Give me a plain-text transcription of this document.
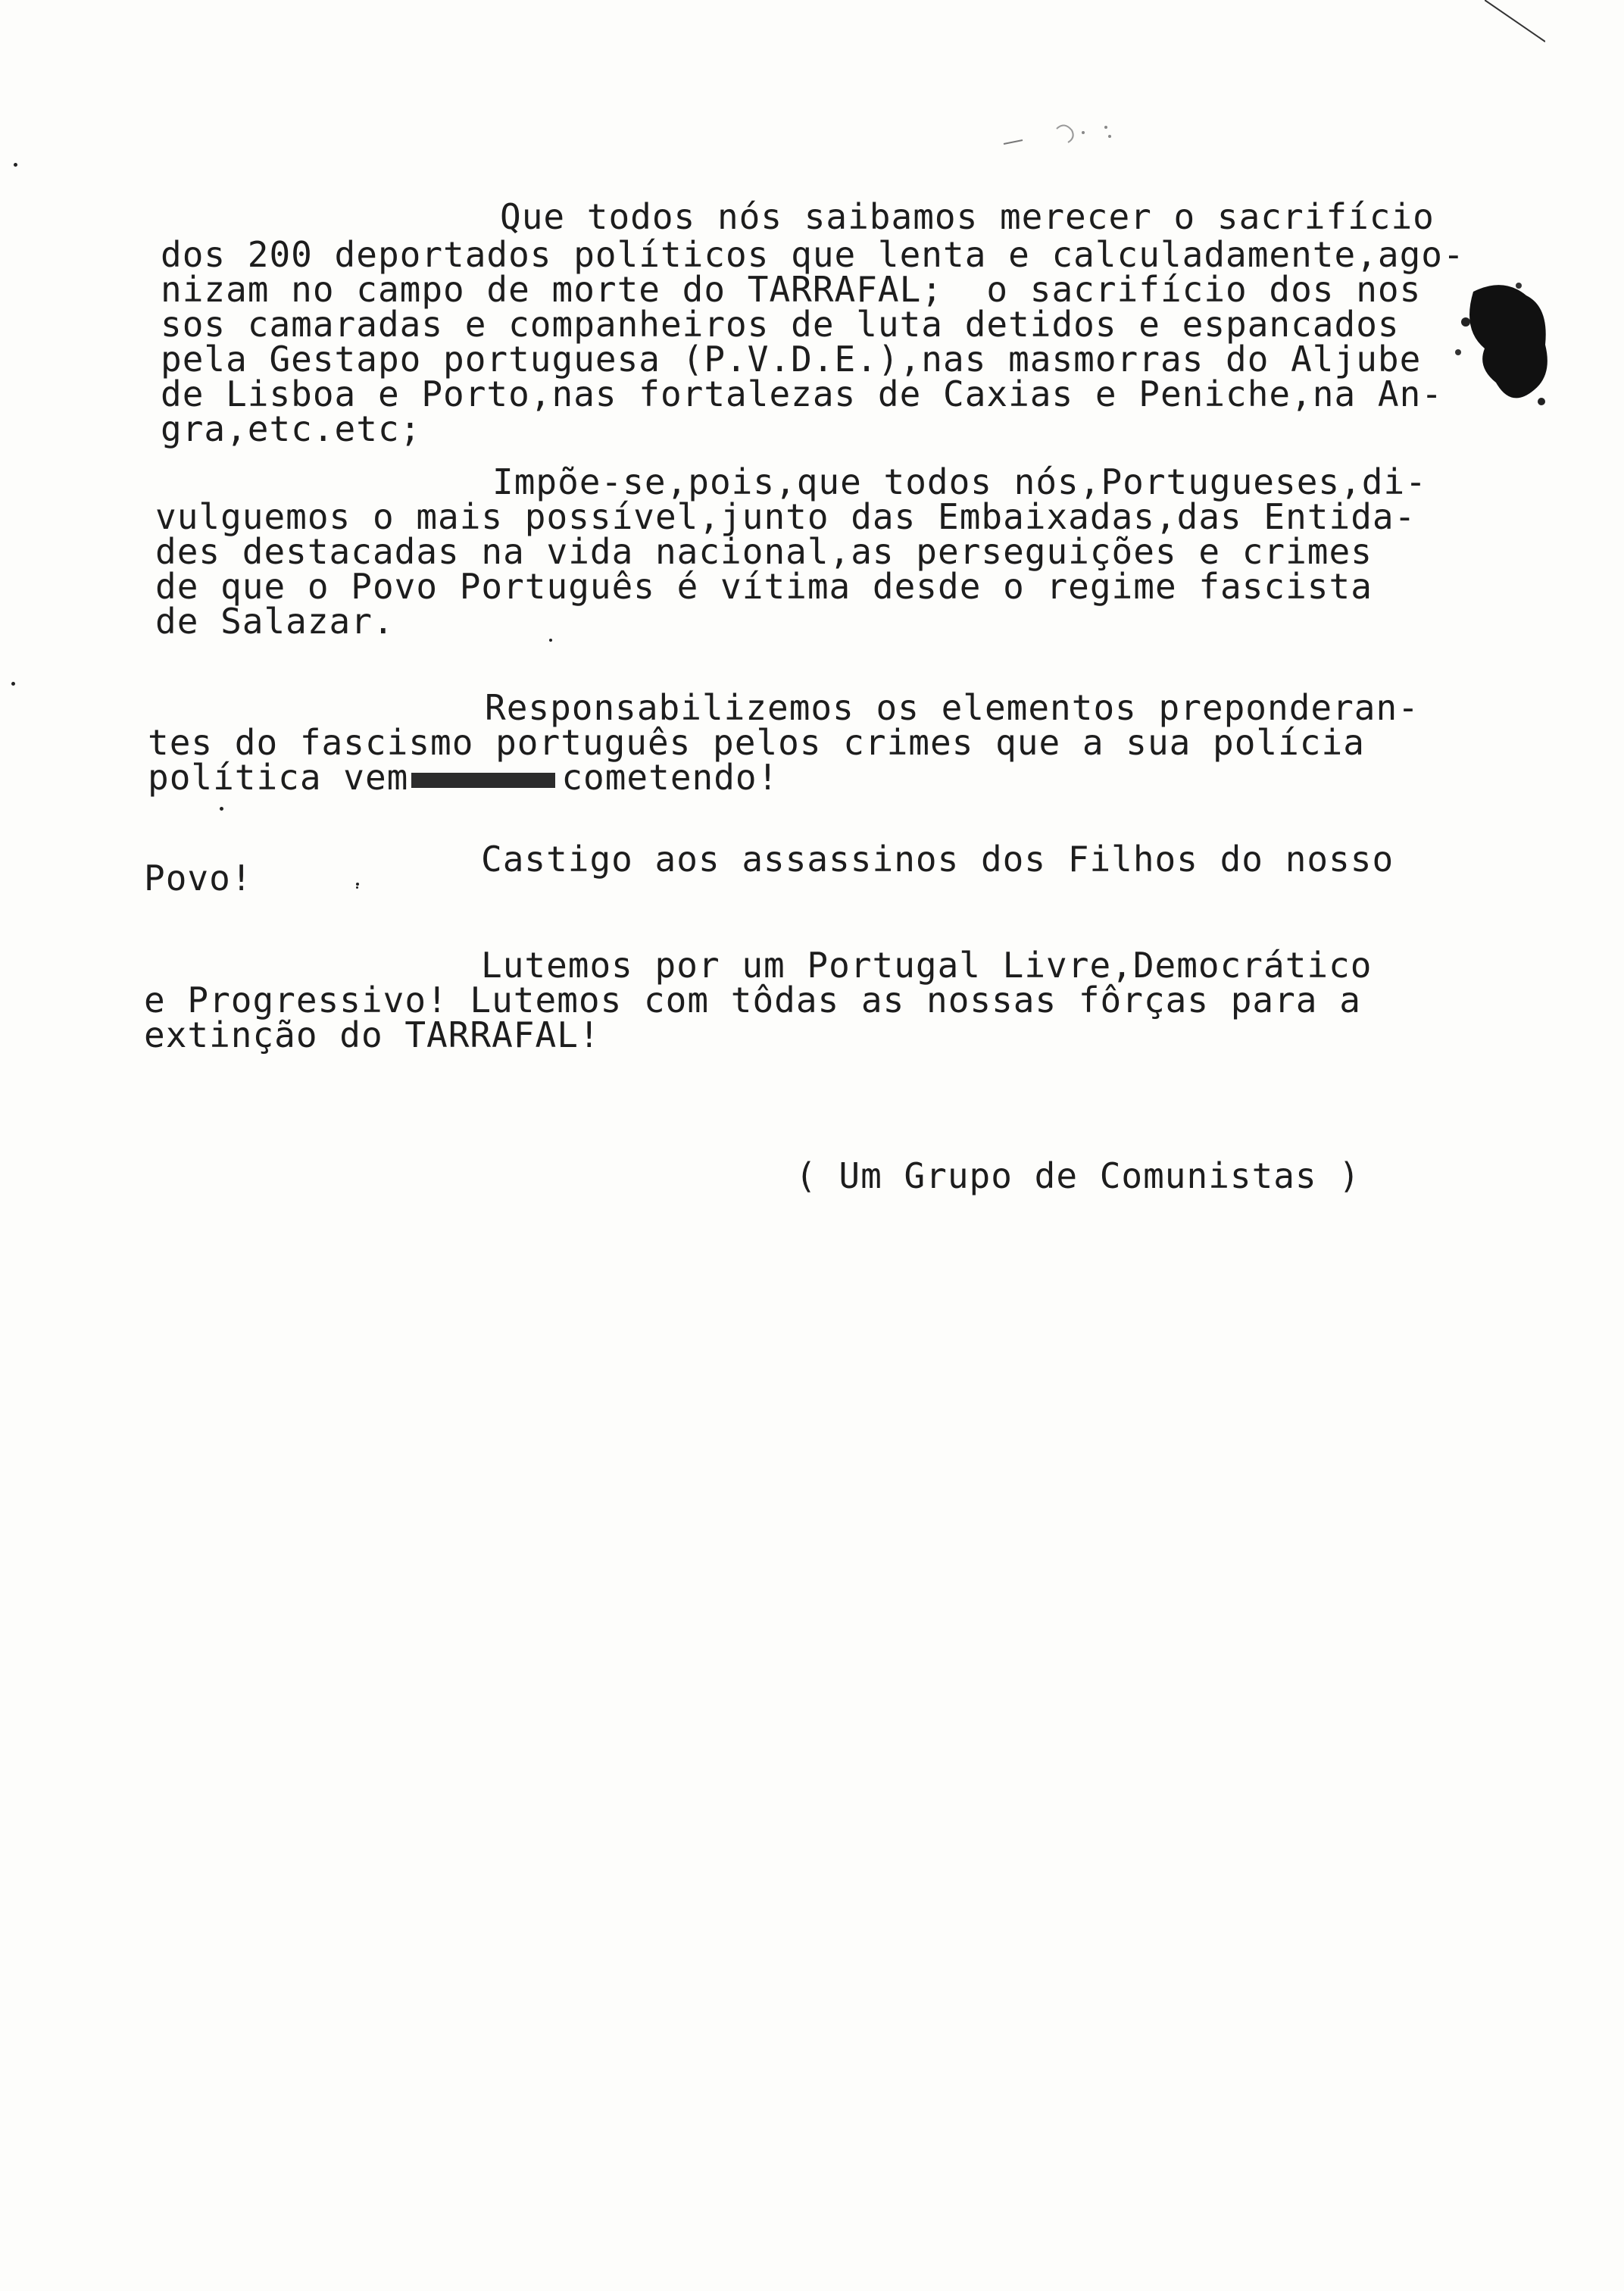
Que todos nós saibamos merecer o sacrifício
dos 200 deportados políticos que lenta e calculadamente,ago-
nizam no campo de morte do TARRAFAL;  o sacrifício dos nos
sos camaradas e companheiros de luta detidos e espancados
pela Gestapo portuguesa (P.V.D.E.),nas masmorras do Aljube
de Lisboa e Porto,nas fortalezas de Caxias e Peniche,na An-
gra,etc.etc;
Impõe-se,pois,que todos nós,Portugueses,di-
vulguemos o mais possível,junto das Embaixadas,das Entida-
des destacadas na vida nacional,as perseguições e crimes
de que o Povo Português é vítima desde o regime fascista
de Salazar.
Responsabilizemos os elementos preponderan-
tes do fascismo português pelos crimes que a sua polícia
política vem	cometendo!
Castigo aos assassinos dos Filhos do nosso
Povo!
Lutemos por um Portugal Livre,Democrático
e Progressivo! Lutemos com tôdas as nossas fôrças para a
extinção do TARRAFAL!
( Um Grupo de Comunistas )
